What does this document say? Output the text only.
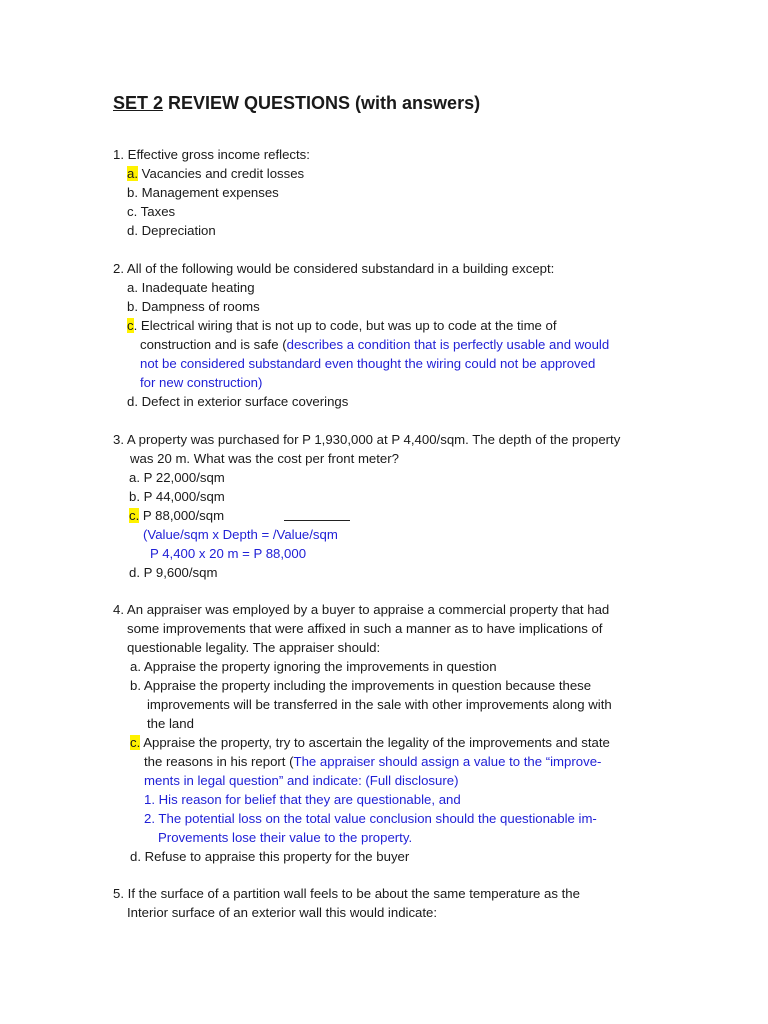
SET 2 REVIEW QUESTIONS (with answers)
1. Effective gross income reflects:
a. Vacancies and credit losses
b. Management expenses
c. Taxes
d. Depreciation
2. All of the following would be considered substandard in a building except:
a. Inadequate heating
b. Dampness of rooms
c. Electrical wiring that is not up to code, but was up to code at the time of
construction and is safe (describes a condition that is perfectly usable and would
not be considered substandard even thought the wiring could not be approved
for new construction)
d. Defect in exterior surface coverings
3. A property was purchased for P 1,930,000 at P 4,400/sqm. The depth of the property
was 20 m. What was the cost per front meter?
a. P 22,000/sqm
b. P 44,000/sqm
c. P 88,000/sqm
(Value/sqm x Depth = /Value/sqm
P 4,400 x 20 m = P 88,000
d. P 9,600/sqm
4. An appraiser was employed by a buyer to appraise a commercial property that had
some improvements that were affixed in such a manner as to have implications of
questionable legality. The appraiser should:
a. Appraise the property ignoring the improvements in question
b. Appraise the property including the improvements in question because these
improvements will be transferred in the sale with other improvements along with
the land
c. Appraise the property, try to ascertain the legality of the improvements and state
the reasons in his report (The appraiser should assign a value to the “improve-
ments in legal question” and indicate: (Full disclosure)
1. His reason for belief that they are questionable, and
2. The potential loss on the total value conclusion should the questionable im-
Provements lose their value to the property.
d. Refuse to appraise this property for the buyer
5. If the surface of a partition wall feels to be about the same temperature as the
Interior surface of an exterior wall this would indicate:
